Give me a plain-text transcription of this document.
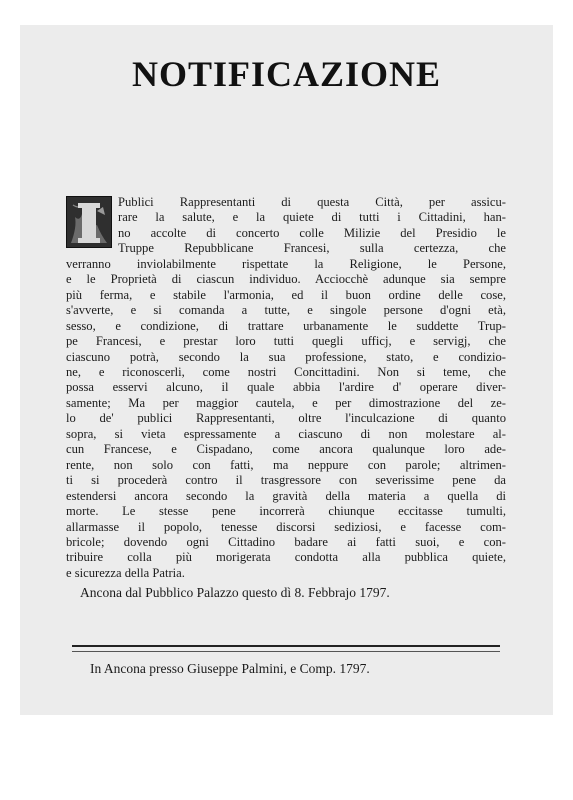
NOTIFICAZIONE
Publici Rappresentanti di questa Città, per assicu-
rare la salute, e la quiete di tutti i Cittadini, han-
no accolte di concerto colle Milizie del Presidio le
Truppe Repubblicane Francesi, sulla certezza, che
verranno inviolabilmente rispettate la Religione, le Persone,
e le Proprietà di ciascun individuo. Acciocchè adunque sia sempre
più ferma, e stabile l'armonia, ed il buon ordine delle cose,
s'avverte, e si comanda a tutte, e singole persone d'ogni età,
sesso, e condizione, di trattare urbanamente le suddette Trup-
pe Francesi, e prestar loro tutti quegli ufficj, e servigj, che
ciascuno potrà, secondo la sua professione, stato, e condizio-
ne, e riconoscerli, come nostri Concittadini. Non si teme, che
possa esservi alcuno, il quale abbia l'ardire d' operare diver-
samente; Ma per maggior cautela, e per dimostrazione del ze-
lo de' publici Rappresentanti, oltre l'inculcazione di quanto
sopra, si vieta espressamente a ciascuno di non molestare al-
cun Francese, e Cispadano, come ancora qualunque loro ade-
rente, non solo con fatti, ma neppure con parole; altrimen-
ti si procederà contro il trasgressore con severissime pene da
estendersi ancora secondo la gravità della materia a quella di
morte. Le stesse pene incorrerà chiunque eccitasse tumulti,
allarmasse il popolo, tenesse discorsi sediziosi, e facesse com-
bricole; dovendo ogni Cittadino badare ai fatti suoi, e con-
tribuire colla più morigerata condotta alla pubblica quiete,
e sicurezza della Patria.
Ancona dal Pubblico Palazzo questo dì 8. Febbrajo 1797.
In Ancona presso Giuseppe Palmini, e Comp. 1797.
